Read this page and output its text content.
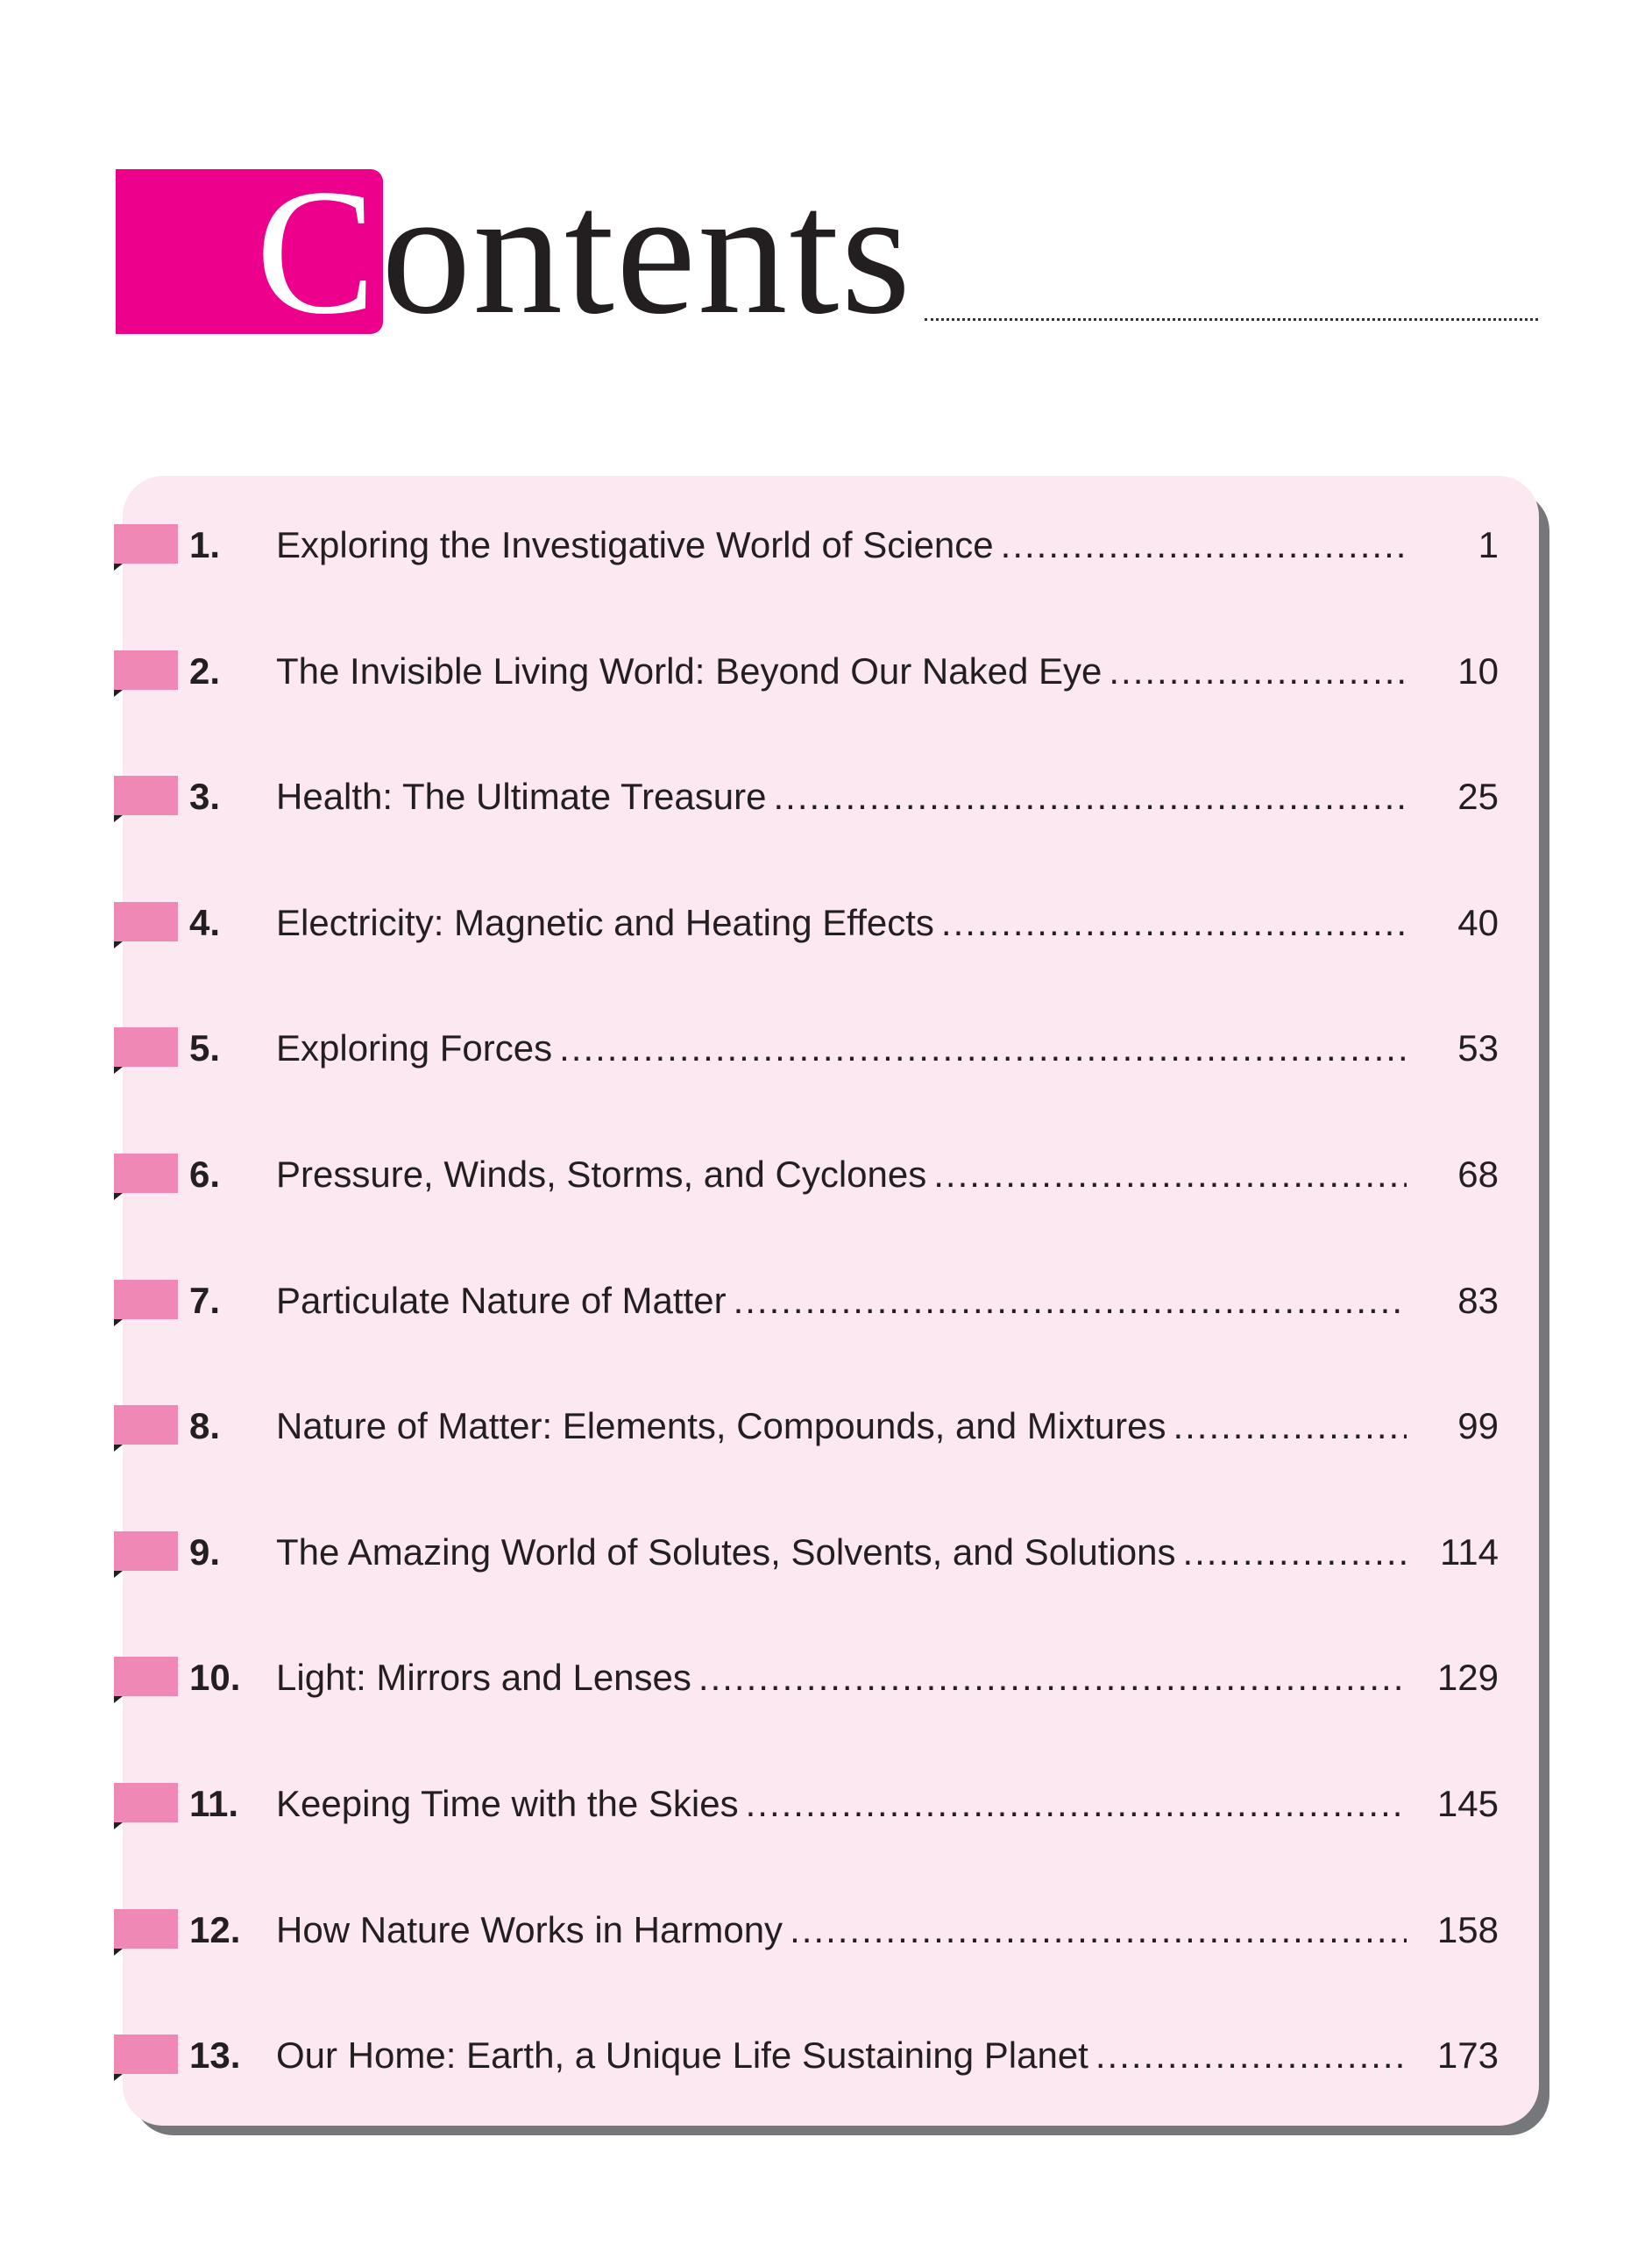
C ontents
1. Exploring the Investigative World of Science .....	1
2. The Invisible Living World: Beyond Our Naked Eye .....	10
3. Health: The Ultimate Treasure .....	25
4. Electricity: Magnetic and Heating Effects .....	40
5. Exploring Forces .....	53
6. Pressure, Winds, Storms, and Cyclones .....	68
7. Particulate Nature of Matter .....	83
8. Nature of Matter: Elements, Compounds, and Mixtures .....	99
9. The Amazing World of Solutes, Solvents, and Solutions .....	114
10. Light: Mirrors and Lenses .....	129
11. Keeping Time with the Skies .....	145
12. How Nature Works in Harmony .....	158
13. Our Home: Earth, a Unique Life Sustaining Planet .....	173
